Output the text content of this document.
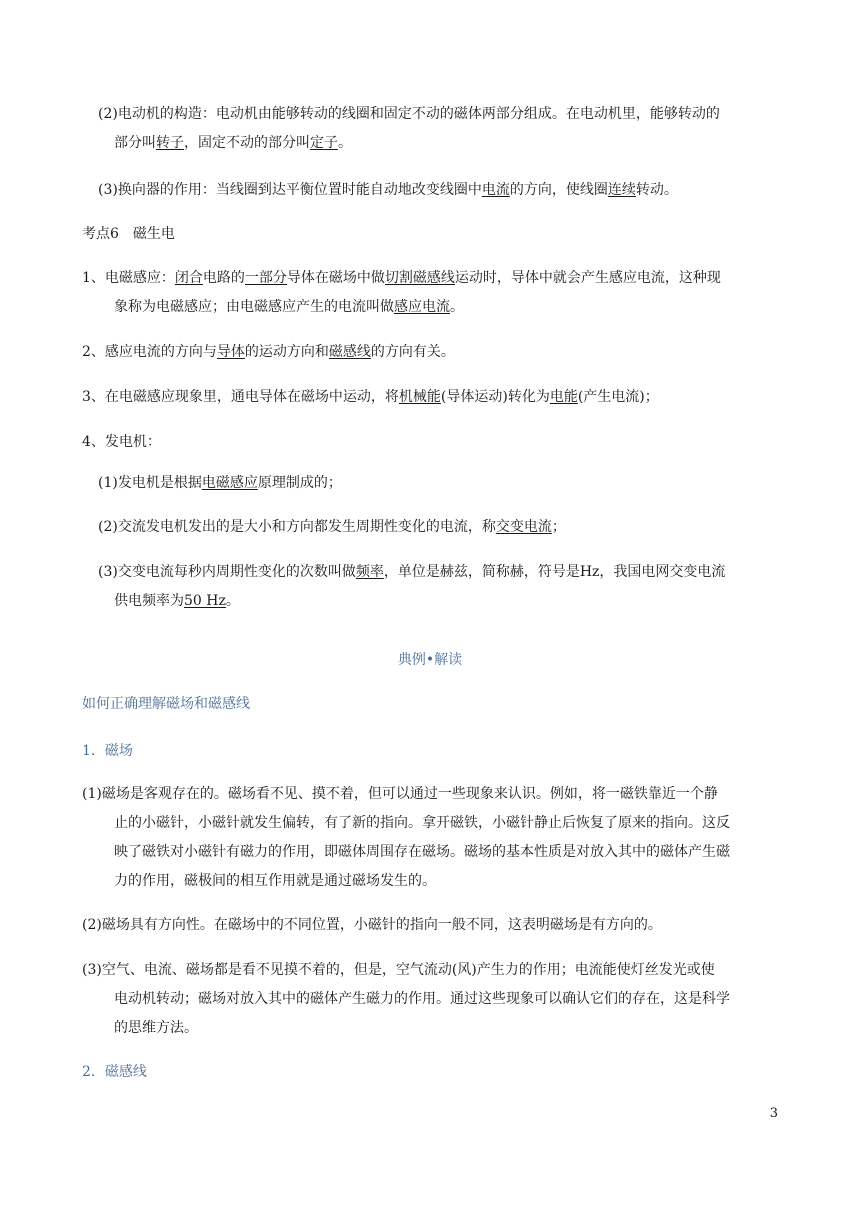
(2)电动机的构造：电动机由能够转动的线圈和固定不动的磁体两部分组成。在电动机里，能够转动的
部分叫转子，固定不动的部分叫定子。
(3)换向器的作用：当线圈到达平衡位置时能自动地改变线圈中电流的方向，使线圈连续转动。
考点6　磁生电
1、电磁感应：闭合电路的一部分导体在磁场中做切割磁感线运动时，导体中就会产生感应电流，这种现
象称为电磁感应；由电磁感应产生的电流叫做感应电流。
2、感应电流的方向与导体的运动方向和磁感线的方向有关。
3、在电磁感应现象里，通电导体在磁场中运动，将机械能(导体运动)转化为电能(产生电流)；
4、发电机：
(1)发电机是根据电磁感应原理制成的；
(2)交流发电机发出的是大小和方向都发生周期性变化的电流，称交变电流；
(3)交变电流每秒内周期性变化的次数叫做频率，单位是赫兹，简称赫，符号是Hz，我国电网交变电流
供电频率为50 Hz。
典例•解读
如何正确理解磁场和磁感线
1．磁场
(1)磁场是客观存在的。磁场看不见、摸不着，但可以通过一些现象来认识。例如，将一磁铁靠近一个静
止的小磁针，小磁针就发生偏转，有了新的指向。拿开磁铁，小磁针静止后恢复了原来的指向。这反
映了磁铁对小磁针有磁力的作用，即磁体周围存在磁场。磁场的基本性质是对放入其中的磁体产生磁
力的作用，磁极间的相互作用就是通过磁场发生的。
(2)磁场具有方向性。在磁场中的不同位置，小磁针的指向一般不同，这表明磁场是有方向的。
(3)空气、电流、磁场都是看不见摸不着的，但是，空气流动(风)产生力的作用；电流能使灯丝发光或使
电动机转动；磁场对放入其中的磁体产生磁力的作用。通过这些现象可以确认它们的存在，这是科学
的思维方法。
2．磁感线
3
